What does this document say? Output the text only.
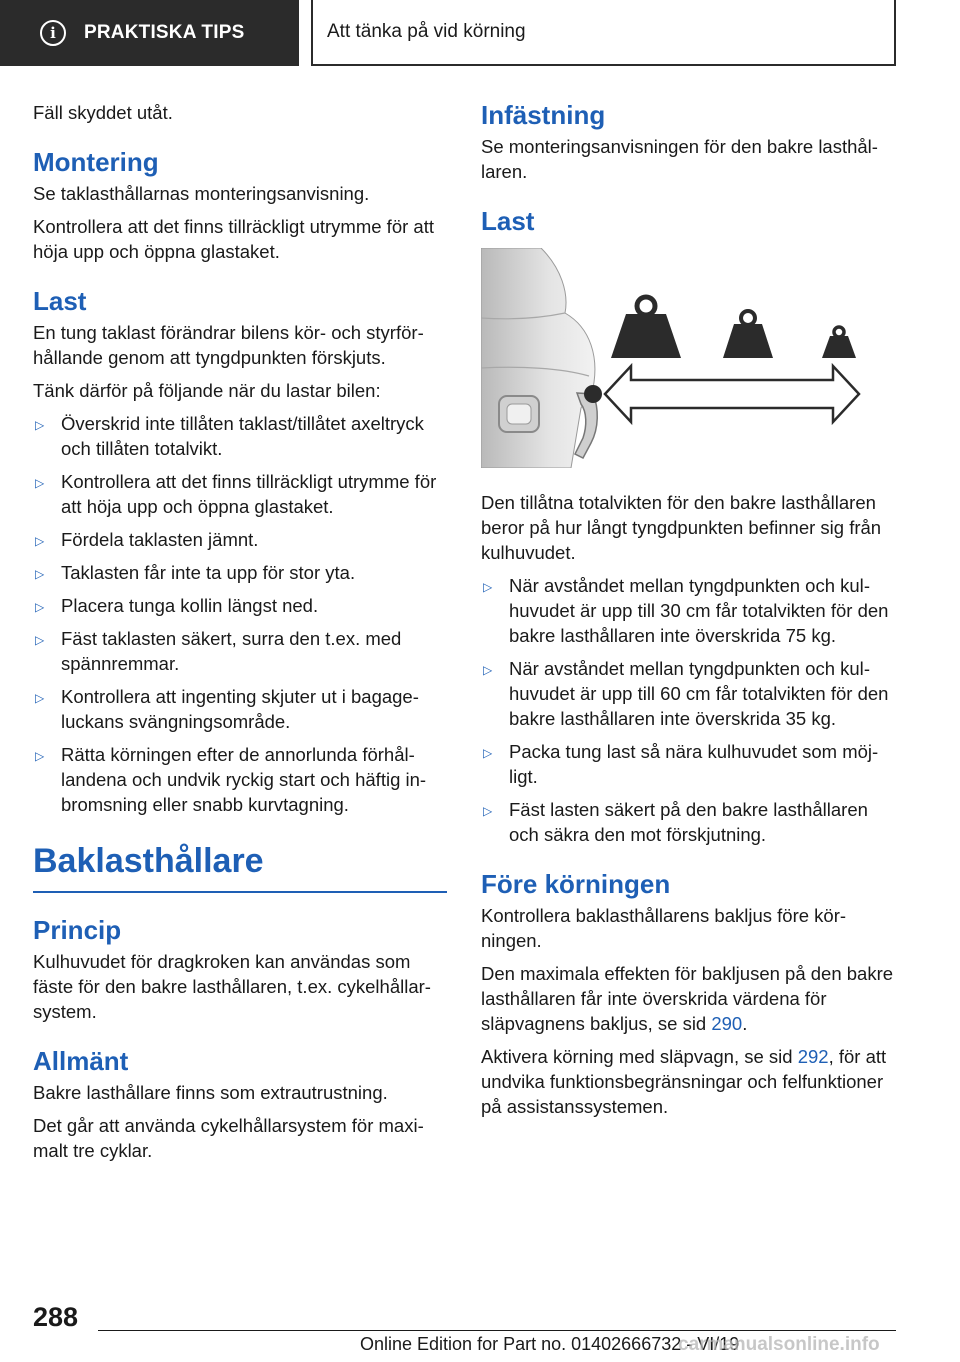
i	PRAKTISKA TIPS	Att tänka på vid körning

Fäll skyddet utåt.

Montering

Se taklasthållarnas monteringsanvisning.

Kontrollera att det finns tillräckligt utrymme för att höja upp och öppna glastaket.

Last

En tung taklast förändrar bilens kör- och styrförhållande genom att tyngdpunkten förskjuts.

Tänk därför på följande när du lastar bilen:

▷ Överskrid inte tillåten taklast/tillåtet axeltryck och tillåten totalvikt.
▷ Kontrollera att det finns tillräckligt utrymme för att höja upp och öppna glastaket.
▷ Fördela taklasten jämnt.
▷ Taklasten får inte ta upp för stor yta.
▷ Placera tunga kollin längst ned.
▷ Fäst taklasten säkert, surra den t.ex. med spännremmar.
▷ Kontrollera att ingenting skjuter ut i bagageluckans svängningsområde.
▷ Rätta körningen efter de annorlunda förhållandena och undvik ryckig start och häftig inbromsning eller snabb kurvtagning.
Baklasthållare
Princip

Kulhuvudet för dragkroken kan användas som fäste för den bakre lasthållaren, t.ex. cykelhållarsystem.

Allmänt

Bakre lasthållare finns som extrautrustning.

Det går att använda cykelhållarsystem för maximalt tre cyklar.

Infästning

Se monteringsanvisningen för den bakre lasthållaren.

Last

Den tillåtna totalvikten för den bakre lasthållaren beror på hur långt tyngdpunkten befinner sig från kulhuvudet.

▷ När avståndet mellan tyngdpunkten och kulhuvudet är upp till 30 cm får totalvikten för den bakre lasthållaren inte överskrida 75 kg.
▷ När avståndet mellan tyngdpunkten och kulhuvudet är upp till 60 cm får totalvikten för den bakre lasthållaren inte överskrida 35 kg.
▷ Packa tung last så nära kulhuvudet som möjligt.
▷ Fäst lasten säkert på den bakre lasthållaren och säkra den mot förskjutning.
Före körningen

Kontrollera baklasthållarens bakljus före körningen.

Den maximala effekten för bakljusen på den bakre lasthållaren får inte överskrida värdena för släpvagnens bakljus, se sid 290.

Aktivera körning med släpvagn, se sid 292, för att undvika funktionsbegränsningar och felfunktioner på assistanssystemen.

288
Online Edition for Part no. 01402666732 - VI/19
carmanualsonline.info
